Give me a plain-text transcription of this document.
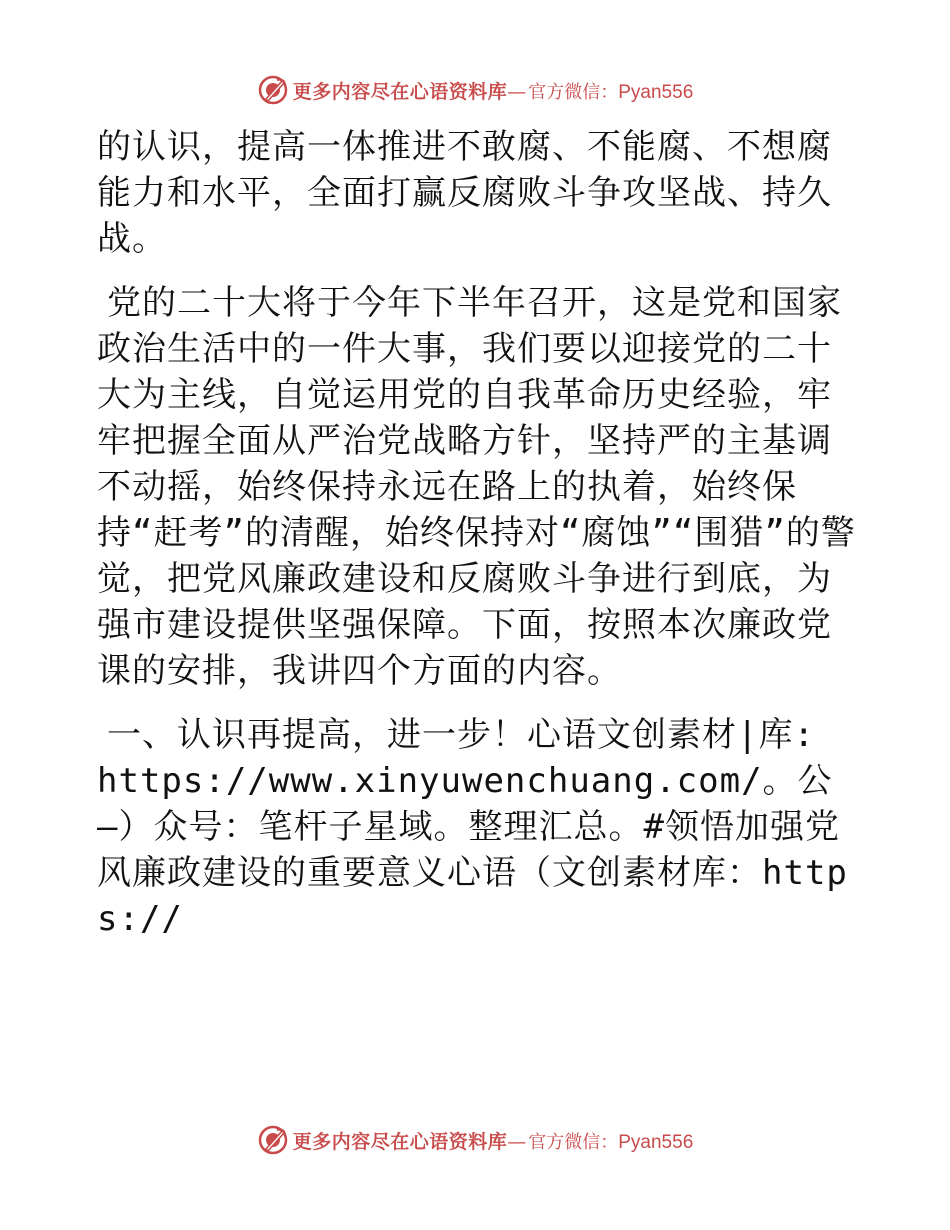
更多内容尽在心语资料库 — 官方微信： Pyan556

的认识，提高一体推进不敢腐、不能腐、不想腐能力和水平，全面打赢反腐败斗争攻坚战、持久战。

党的二十大将于今年下半年召开，这是党和国家政治生活中的一件大事，我们要以迎接党的二十大为主线，自觉运用党的自我革命历史经验，牢牢把握全面从严治党战略方针，坚持严的主基调不动摇，始终保持永远在路上的执着，始终保持“赶考”的清醒，始终保持对“腐蚀”“围猎”的警觉，把党风廉政建设和反腐败斗争进行到底，为强市建设提供坚强保障。下面，按照本次廉政党课的安排，我讲四个方面的内容。

一、认识再提高，进一步！心语文创素材|库: https://www.xinyuwenchuang.com/。公—）众号：笔杆子星域。整理汇总。#领悟加强党风廉政建设的重要意义心语（文创素材库：https://

更多内容尽在心语资料库 — 官方微信： Pyan556
